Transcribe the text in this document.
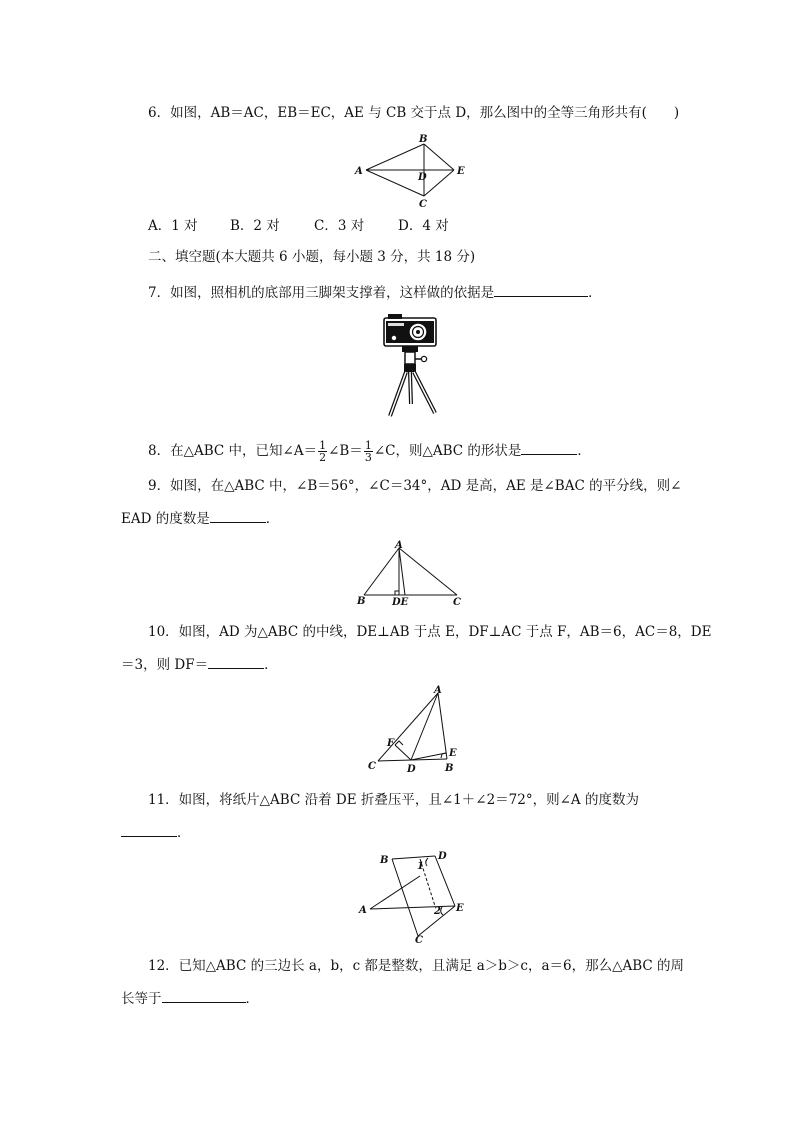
6．如图，AB＝AC，EB＝EC，AE 与 CB 交于点 D，那么图中的全等三角形共有(　　)
A
B
C
D
E
A．1 对 B．2 对	C．3 对	D．4 对
二、填空题(本大题共 6 小题，每小题 3 分，共 18 分)
7．如图，照相机的底部用三脚架支撑着，这样做的依据是	．
8．在△ABC 中，已知∠A＝ $\frac{1}{2}$ ∠B＝ $\frac{1}{3}$ ∠C，则△ABC 的形状是	．
9．如图，在△ABC 中，∠B＝56°，∠C＝34°，AD 是高，AE 是∠BAC 的平分线，则∠
EAD 的度数是	．
A
B	C
DE
10．如图，AD 为△ABC 的中线，DE⊥AB 于点 E，DF⊥AC 于点 F，AB＝6，AC＝8，DE
＝3，则 DF＝	．
A
B
C	D
E
F
11．如图，将纸片△ABC 沿着 DE 折叠压平，且∠1＋∠2＝72°，则∠A 的度数为
．
B	D
A	E
C
1
2
12．已知△ABC 的三边长 a，b，c 都是整数，且满足 a＞b＞c，a＝6，那么△ABC 的周
长等于	．
